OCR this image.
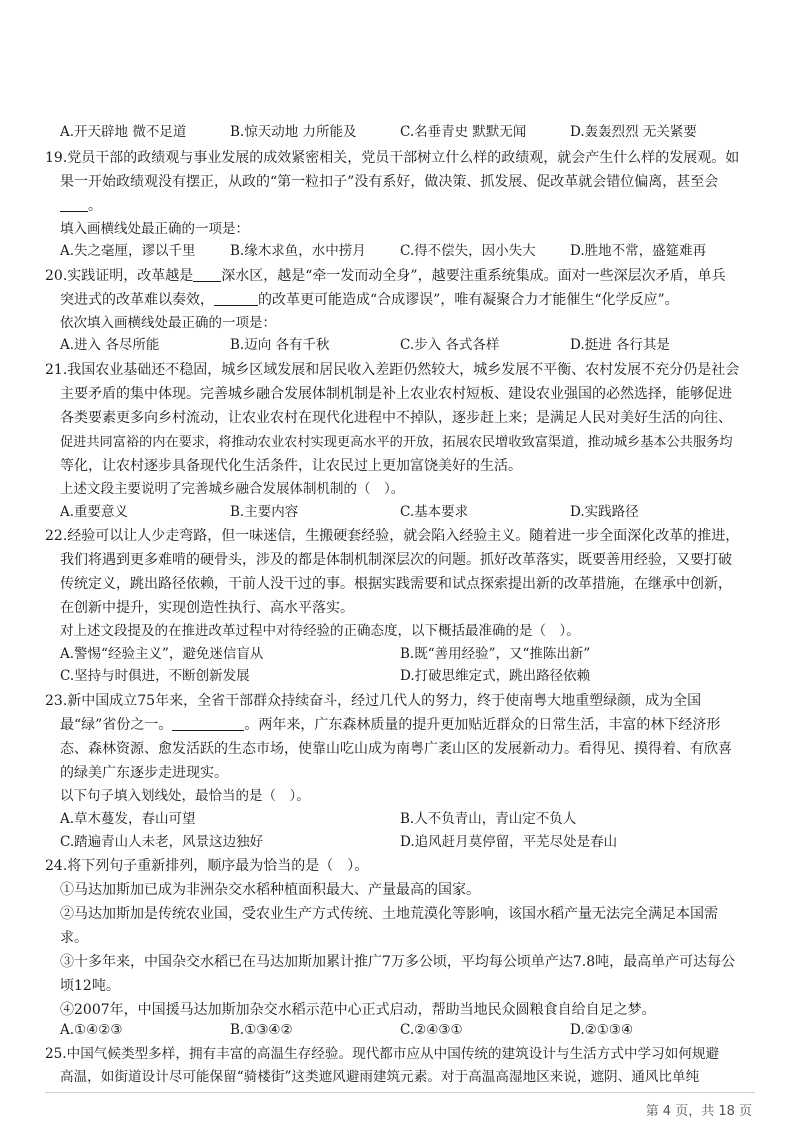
A.开天辟地 微不足道	B.惊天动地 力所能及	C.名垂青史 默默无闻	D.轰轰烈烈 无关紧要
19.党员干部的政绩观与事业发展的成效紧密相关，党员干部树立什么样的政绩观，就会产生什么样的发展观。如
果一开始政绩观没有摆正，从政的“第一粒扣子”没有系好，做决策、抓发展、促改革就会错位偏离，甚至会
。
填入画横线处最正确的一项是：
A.失之毫厘，谬以千里	B.缘木求鱼，水中捞月	C.得不偿失，因小失大	D.胜地不常，盛筵难再
20.实践证明，改革越是 深水区，越是“牵一发而动全身”，越要注重系统集成。面对一些深层次矛盾，单兵
突进式的改革难以奏效，	的改革更可能造成“合成谬误”，唯有凝聚合力才能催生“化学反应”。
依次填入画横线处最正确的一项是：
A.进入 各尽所能	B.迈向 各有千秋	C.步入 各式各样	D.挺进 各行其是
21.我国农业基础还不稳固，城乡区域发展和居民收入差距仍然较大，城乡发展不平衡、农村发展不充分仍是社会
主要矛盾的集中体现。完善城乡融合发展体制机制是补上农业农村短板、建设农业强国的必然选择，能够促进
各类要素更多向乡村流动，让农业农村在现代化进程中不掉队，逐步赶上来；是满足人民对美好生活的向往、
促进共同富裕的内在要求，将推动农业农村实现更高水平的开放，拓展农民增收致富渠道，推动城乡基本公共服务均
等化，让农村逐步具备现代化生活条件，让农民过上更加富饶美好的生活。
上述文段主要说明了完善城乡融合发展体制机制的（　）。
A.重要意义	B.主要内容	C.基本要求	D.实践路径
22.经验可以让人少走弯路，但一味迷信，生搬硬套经验，就会陷入经验主义。随着进一步全面深化改革的推进，
我们将遇到更多难啃的硬骨头，涉及的都是体制机制深层次的问题。抓好改革落实，既要善用经验，又要打破
传统定义，跳出路径依赖，干前人没干过的事。根据实践需要和试点探索提出新的改革措施，在继承中创新，
在创新中提升，实现创造性执行、高水平落实。
对上述文段提及的在推进改革过程中对待经验的正确态度，以下概括最准确的是（　）。
A.警惕“经验主义”，避免迷信盲从	B.既“善用经验”，又“推陈出新”
C.坚持与时俱进，不断创新发展	D.打破思维定式，跳出路径依赖
23.新中国成立75年来，全省干部群众持续奋斗，经过几代人的努力，终于使南粤大地重塑绿颜，成为全国
最“绿”省份之一。	。两年来，广东森林质量的提升更加贴近群众的日常生活，丰富的林下经济形
态、森林资源、愈发活跃的生态市场，使靠山吃山成为南粤广袤山区的发展新动力。看得见、摸得着、有欣喜
的绿美广东逐步走进现实。
以下句子填入划线处，最恰当的是（　）。
A.草木蔓发，春山可望	B.人不负青山，青山定不负人
C.踏遍青山人未老，风景这边独好	D.追风赶月莫停留，平芜尽处是春山
24.将下列句子重新排列，顺序最为恰当的是（　）。
①马达加斯加已成为非洲杂交水稻种植面积最大、产量最高的国家。
②马达加斯加是传统农业国，受农业生产方式传统、土地荒漠化等影响，该国水稻产量无法完全满足本国需
求。
③十多年来，中国杂交水稻已在马达加斯加累计推广7万多公顷，平均每公顷单产达7.8吨，最高单产可达每公
顷12吨。
④2007年，中国援马达加斯加杂交水稻示范中心正式启动，帮助当地民众圆粮食自给自足之梦。
A.①④②③	B.①③④②	C.②④③①	D.②①③④
25.中国气候类型多样，拥有丰富的高温生存经验。现代都市应从中国传统的建筑设计与生活方式中学习如何规避
高温，如街道设计尽可能保留“骑楼街”这类遮风避雨建筑元素。对于高温高湿地区来说，遮阴、通风比单纯
第 4 页，共 18 页
